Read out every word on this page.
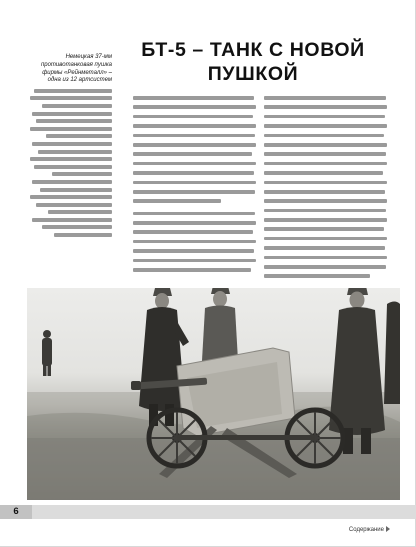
Немецкая 37-мм противотанковая пушка фирмы «Рейнметалл» – одна из 12 артсистем

БТ-5 – ТАНК С НОВОЙ
ПУШКОЙ
6
Содержание
